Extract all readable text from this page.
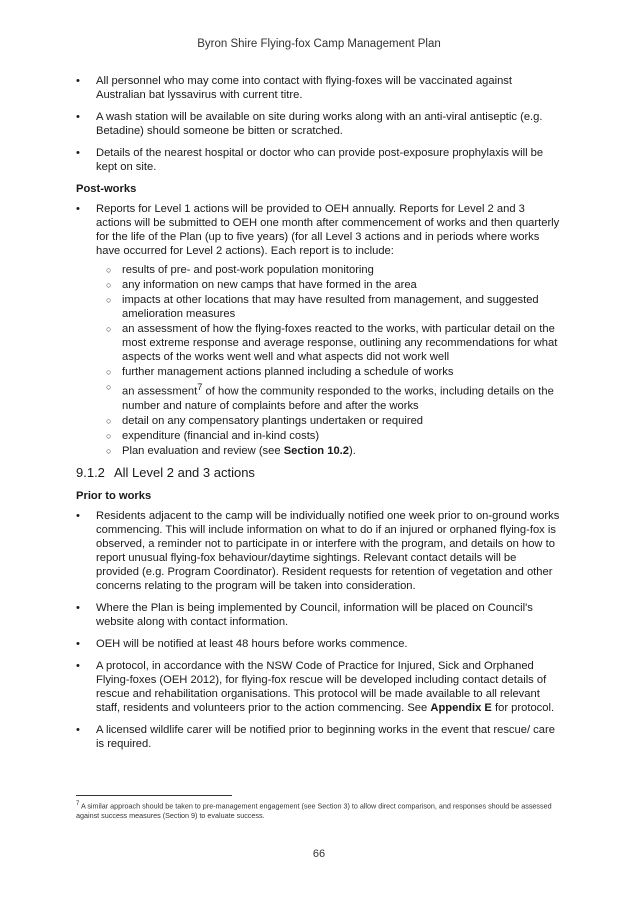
Byron Shire Flying-fox Camp Management Plan
• All personnel who may come into contact with flying-foxes will be vaccinated against Australian bat lyssavirus with current titre.
• A wash station will be available on site during works along with an anti-viral antiseptic (e.g. Betadine) should someone be bitten or scratched.
• Details of the nearest hospital or doctor who can provide post-exposure prophylaxis will be kept on site.
Post-works
• Reports for Level 1 actions will be provided to OEH annually. Reports for Level 2 and 3 actions will be submitted to OEH one month after commencement of works and then quarterly for the life of the Plan (up to five years) (for all Level 3 actions and in periods where works have occurred for Level 2 actions). Each report is to include:
○ results of pre- and post-work population monitoring
○ any information on new camps that have formed in the area
○ impacts at other locations that may have resulted from management, and suggested amelioration measures
○ an assessment of how the flying-foxes reacted to the works, with particular detail on the most extreme response and average response, outlining any recommendations for what aspects of the works went well and what aspects did not work well
○ further management actions planned including a schedule of works
○ an assessment$^7$ of how the community responded to the works, including details on the number and nature of complaints before and after the works
○ detail on any compensatory plantings undertaken or required
○ expenditure (financial and in-kind costs)
○ Plan evaluation and review (see Section 10.2).
9.1.2 All Level 2 and 3 actions
Prior to works
• Residents adjacent to the camp will be individually notified one week prior to on-ground works commencing. This will include information on what to do if an injured or orphaned flying-fox is observed, a reminder not to participate in or interfere with the program, and details on how to report unusual flying-fox behaviour/daytime sightings. Relevant contact details will be provided (e.g. Program Coordinator). Resident requests for retention of vegetation and other concerns relating to the program will be taken into consideration.
• Where the Plan is being implemented by Council, information will be placed on Council's website along with contact information.
• OEH will be notified at least 48 hours before works commence.
• A protocol, in accordance with the NSW Code of Practice for Injured, Sick and Orphaned Flying-foxes (OEH 2012), for flying-fox rescue will be developed including contact details of rescue and rehabilitation organisations. This protocol will be made available to all relevant staff, residents and volunteers prior to the action commencing. See Appendix E for protocol.
• A licensed wildlife carer will be notified prior to beginning works in the event that rescue/ care is required.
$^7$ A similar approach should be taken to pre-management engagement (see Section 3) to allow direct comparison, and responses should be assessed against success measures (Section 9) to evaluate success.
66
